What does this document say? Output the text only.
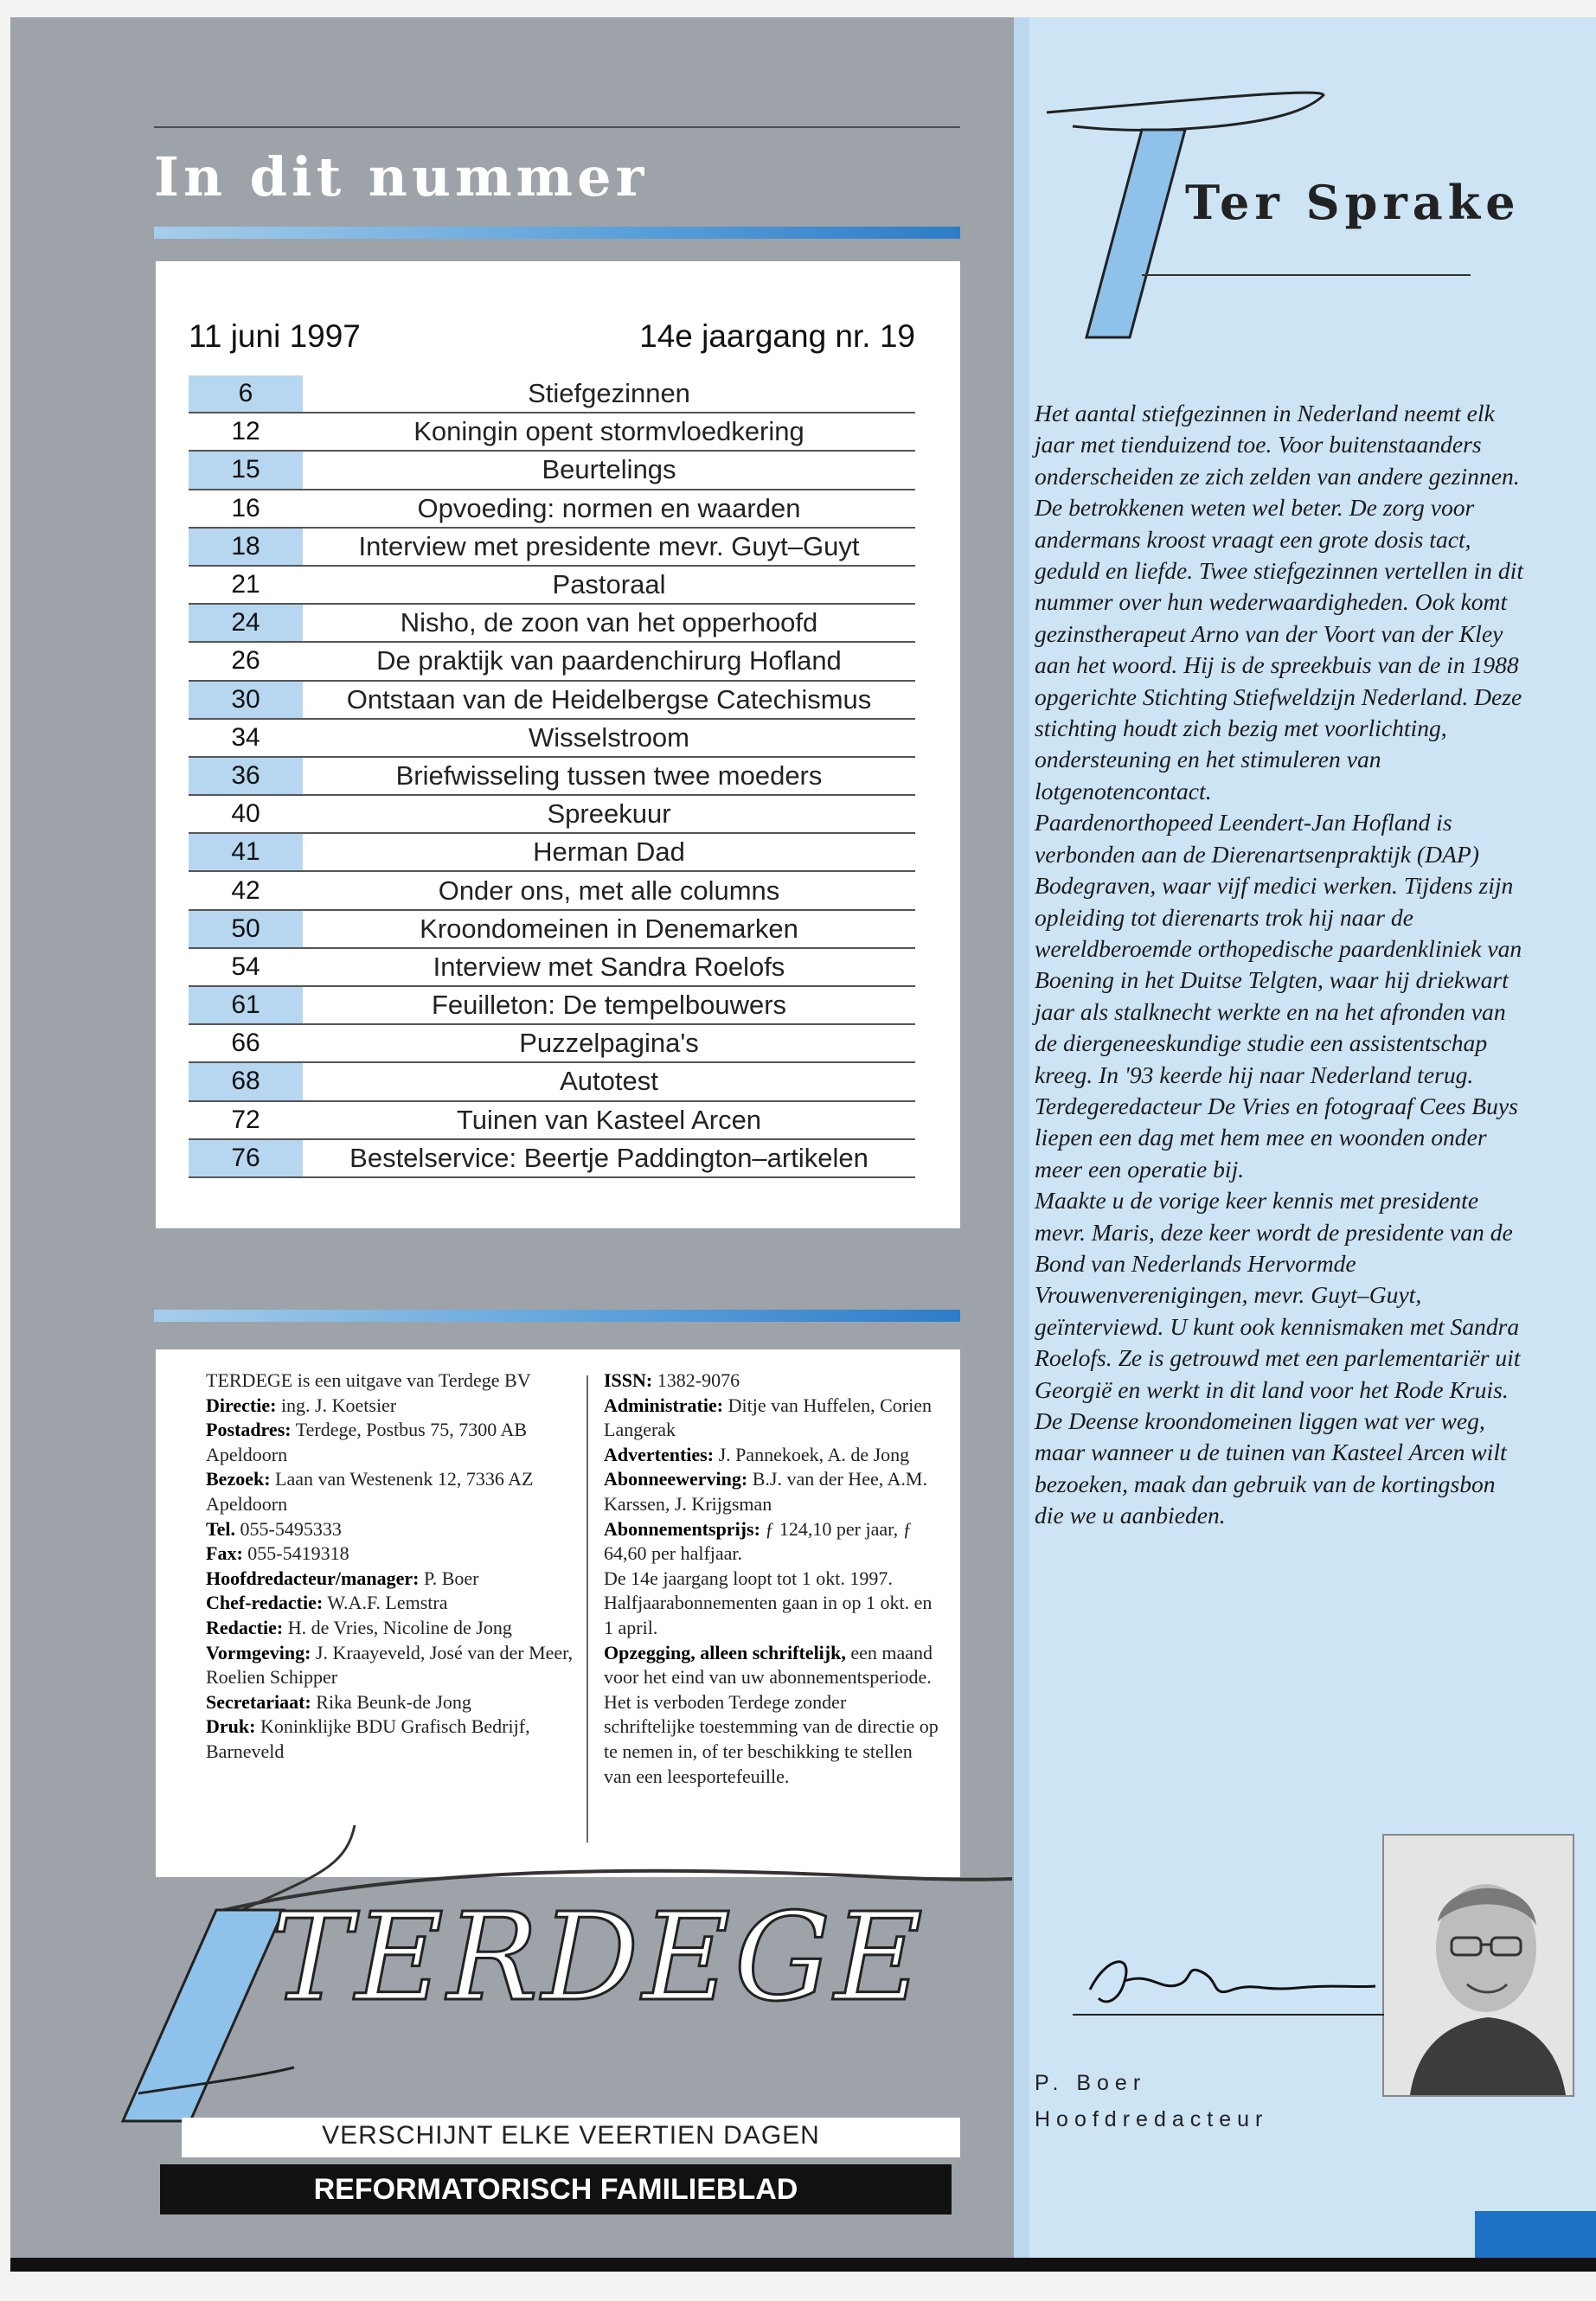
In dit nummer
11 juni 1997	14e jaargang nr. 19
6	Stiefgezinnen
12	Koningin opent stormvloedkering
15	Beurtelings
16	Opvoeding: normen en waarden
18	Interview met presidente mevr. Guyt–Guyt
21	Pastoraal
24	Nisho, de zoon van het opperhoofd
26	De praktijk van paardenchirurg Hofland
30	Ontstaan van de Heidelbergse Catechismus
34	Wisselstroom
36	Briefwisseling tussen twee moeders
40	Spreekuur
41	Herman Dad
42	Onder ons, met alle columns
50	Kroondomeinen in Denemarken
54	Interview met Sandra Roelofs
61	Feuilleton: De tempelbouwers
66	Puzzelpagina's
68	Autotest
72	Tuinen van Kasteel Arcen
76	Bestelservice: Beertje Paddington–artikelen
TERDEGE is een uitgave van Terdege BV
Directie: ing. J. Koetsier
Postadres: Terdege, Postbus 75, 7300 AB Apeldoorn
Bezoek: Laan van Westenenk 12, 7336 AZ Apeldoorn
Tel. 055-5495333
Fax: 055-5419318
Hoofdredacteur/manager: P. Boer
Chef-redactie: W.A.F. Lemstra
Redactie: H. de Vries, Nicoline de Jong
Vormgeving: J. Kraayeveld, José van der Meer, Roelien Schipper
Secretariaat: Rika Beunk-de Jong
Druk: Koninklijke BDU Grafisch Bedrijf, Barneveld
ISSN: 1382-9076
Administratie: Ditje van Huffelen, Corien Langerak
Advertenties: J. Pannekoek, A. de Jong
Abonneewerving: B.J. van der Hee, A.M. Karssen, J. Krijgsman
Abonnementsprijs: ƒ 124,10 per jaar, ƒ 64,60 per halfjaar.
De 14e jaargang loopt tot 1 okt. 1997. Halfjaarabonnementen gaan in op 1 okt. en 1 april.
Opzegging, alleen schriftelijk, een maand voor het eind van uw abonnementsperiode.
Het is verboden Terdege zonder schriftelijke toestemming van de directie op te nemen in, of ter beschikking te stellen van een leesportefeuille.
TERDEGE
VERSCHIJNT ELKE VEERTIEN DAGEN
REFORMATORISCH FAMILIEBLAD
Ter Sprake

Het aantal stiefgezinnen in Nederland neemt elk jaar met tienduizend toe. Voor buitenstaanders onderscheiden ze zich zelden van andere gezinnen. De betrokkenen weten wel beter. De zorg voor andermans kroost vraagt een grote dosis tact, geduld en liefde. Twee stiefgezinnen vertellen in dit nummer over hun wederwaardigheden. Ook komt gezinstherapeut Arno van der Voort van der Kley aan het woord. Hij is de spreekbuis van de in 1988 opgerichte Stichting Stiefweldzijn Nederland. Deze stichting houdt zich bezig met voorlichting, ondersteuning en het stimuleren van lotgenotencontact.

Paardenorthopeed Leendert-Jan Hofland is verbonden aan de Dierenartsenpraktijk (DAP) Bodegraven, waar vijf medici werken. Tijdens zijn opleiding tot dierenarts trok hij naar de wereldberoemde orthopedische paardenkliniek van Boening in het Duitse Telgten, waar hij driekwart jaar als stalknecht werkte en na het afronden van de diergeneeskundige studie een assistentschap kreeg. In '93 keerde hij naar Nederland terug. Terdegeredacteur De Vries en fotograaf Cees Buys liepen een dag met hem mee en woonden onder meer een operatie bij.

Maakte u de vorige keer kennis met presidente mevr. Maris, deze keer wordt de presidente van de Bond van Nederlands Hervormde Vrouwenverenigingen, mevr. Guyt–Guyt, geïnterviewd. U kunt ook kennismaken met Sandra Roelofs. Ze is getrouwd met een parlementariër uit Georgië en werkt in dit land voor het Rode Kruis.

De Deense kroondomeinen liggen wat ver weg, maar wanneer u de tuinen van Kasteel Arcen wilt bezoeken, maak dan gebruik van de kortingsbon die we u aanbieden.

P. Boer
Hoofdredacteur
